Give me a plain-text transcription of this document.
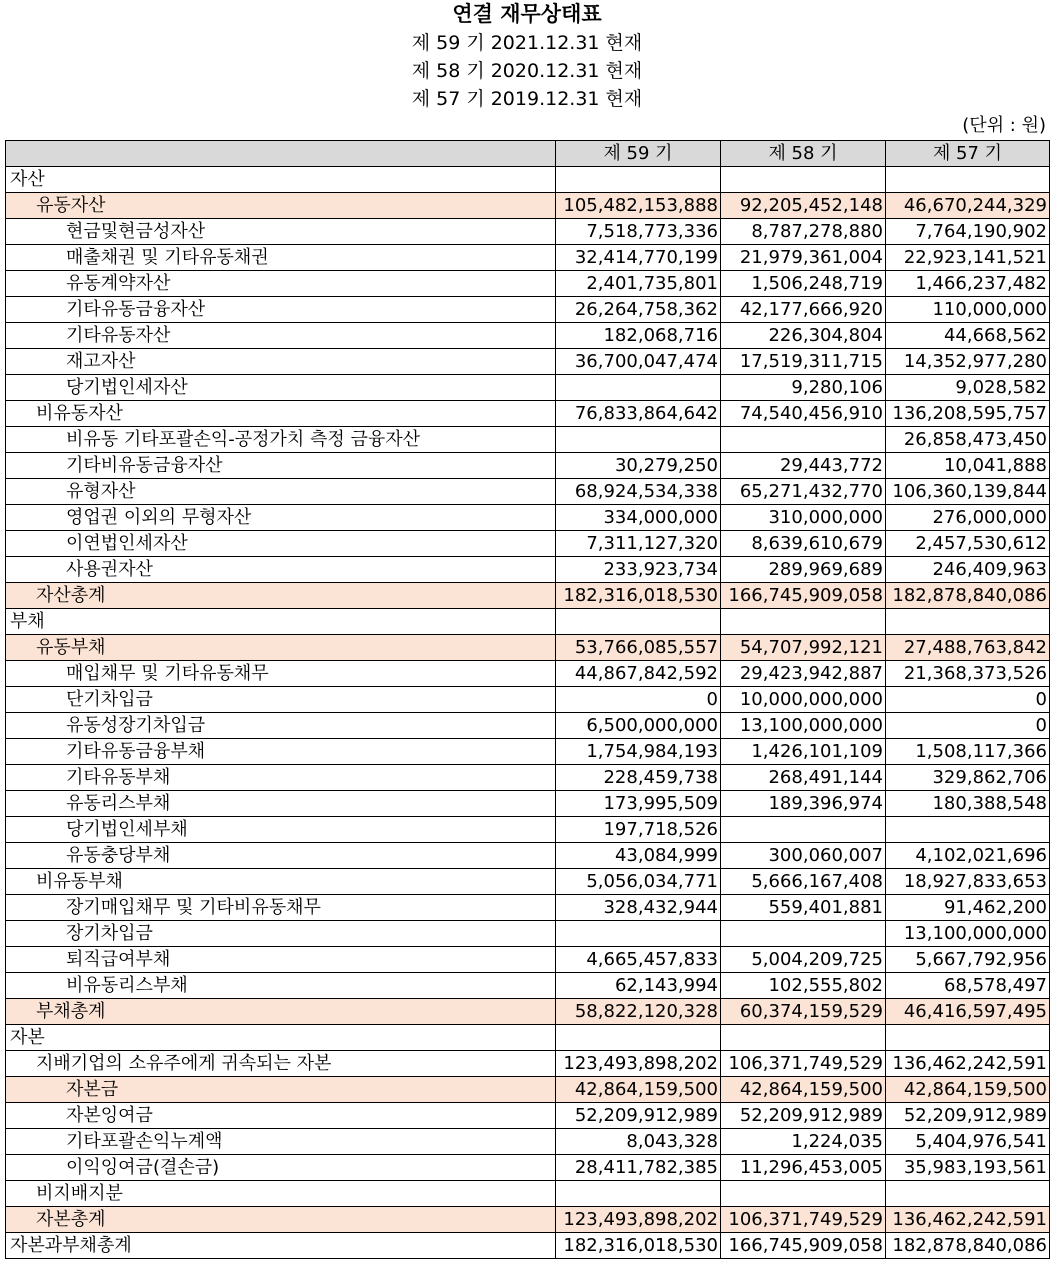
연결 재무상태표
제 59 기 2021.12.31 현재
제 58 기 2020.12.31 현재
제 57 기 2019.12.31 현재
(단위 : 원)
	제 59 기	제 58 기	제 57 기
자산			
유동자산	105,482,153,888	92,205,452,148	46,670,244,329
현금및현금성자산	7,518,773,336	8,787,278,880	7,764,190,902
매출채권 및 기타유동채권	32,414,770,199	21,979,361,004	22,923,141,521
유동계약자산	2,401,735,801	1,506,248,719	1,466,237,482
기타유동금융자산	26,264,758,362	42,177,666,920	110,000,000
기타유동자산	182,068,716	226,304,804	44,668,562
재고자산	36,700,047,474	17,519,311,715	14,352,977,280
당기법인세자산		9,280,106	9,028,582
비유동자산	76,833,864,642	74,540,456,910	136,208,595,757
비유동 기타포괄손익-공정가치 측정 금융자산			26,858,473,450
기타비유동금융자산	30,279,250	29,443,772	10,041,888
유형자산	68,924,534,338	65,271,432,770	106,360,139,844
영업권 이외의 무형자산	334,000,000	310,000,000	276,000,000
이연법인세자산	7,311,127,320	8,639,610,679	2,457,530,612
사용권자산	233,923,734	289,969,689	246,409,963
자산총계	182,316,018,530	166,745,909,058	182,878,840,086
부채			
유동부채	53,766,085,557	54,707,992,121	27,488,763,842
매입채무 및 기타유동채무	44,867,842,592	29,423,942,887	21,368,373,526
단기차입금	0	10,000,000,000	0
유동성장기차입금	6,500,000,000	13,100,000,000	0
기타유동금융부채	1,754,984,193	1,426,101,109	1,508,117,366
기타유동부채	228,459,738	268,491,144	329,862,706
유동리스부채	173,995,509	189,396,974	180,388,548
당기법인세부채	197,718,526		
유동충당부채	43,084,999	300,060,007	4,102,021,696
비유동부채	5,056,034,771	5,666,167,408	18,927,833,653
장기매입채무 및 기타비유동채무	328,432,944	559,401,881	91,462,200
장기차입금			13,100,000,000
퇴직급여부채	4,665,457,833	5,004,209,725	5,667,792,956
비유동리스부채	62,143,994	102,555,802	68,578,497
부채총계	58,822,120,328	60,374,159,529	46,416,597,495
자본			
지배기업의 소유주에게 귀속되는 자본	123,493,898,202	106,371,749,529	136,462,242,591
자본금	42,864,159,500	42,864,159,500	42,864,159,500
자본잉여금	52,209,912,989	52,209,912,989	52,209,912,989
기타포괄손익누계액	8,043,328	1,224,035	5,404,976,541
이익잉여금(결손금)	28,411,782,385	11,296,453,005	35,983,193,561
비지배지분			
자본총계	123,493,898,202	106,371,749,529	136,462,242,591
자본과부채총계	182,316,018,530	166,745,909,058	182,878,840,086
